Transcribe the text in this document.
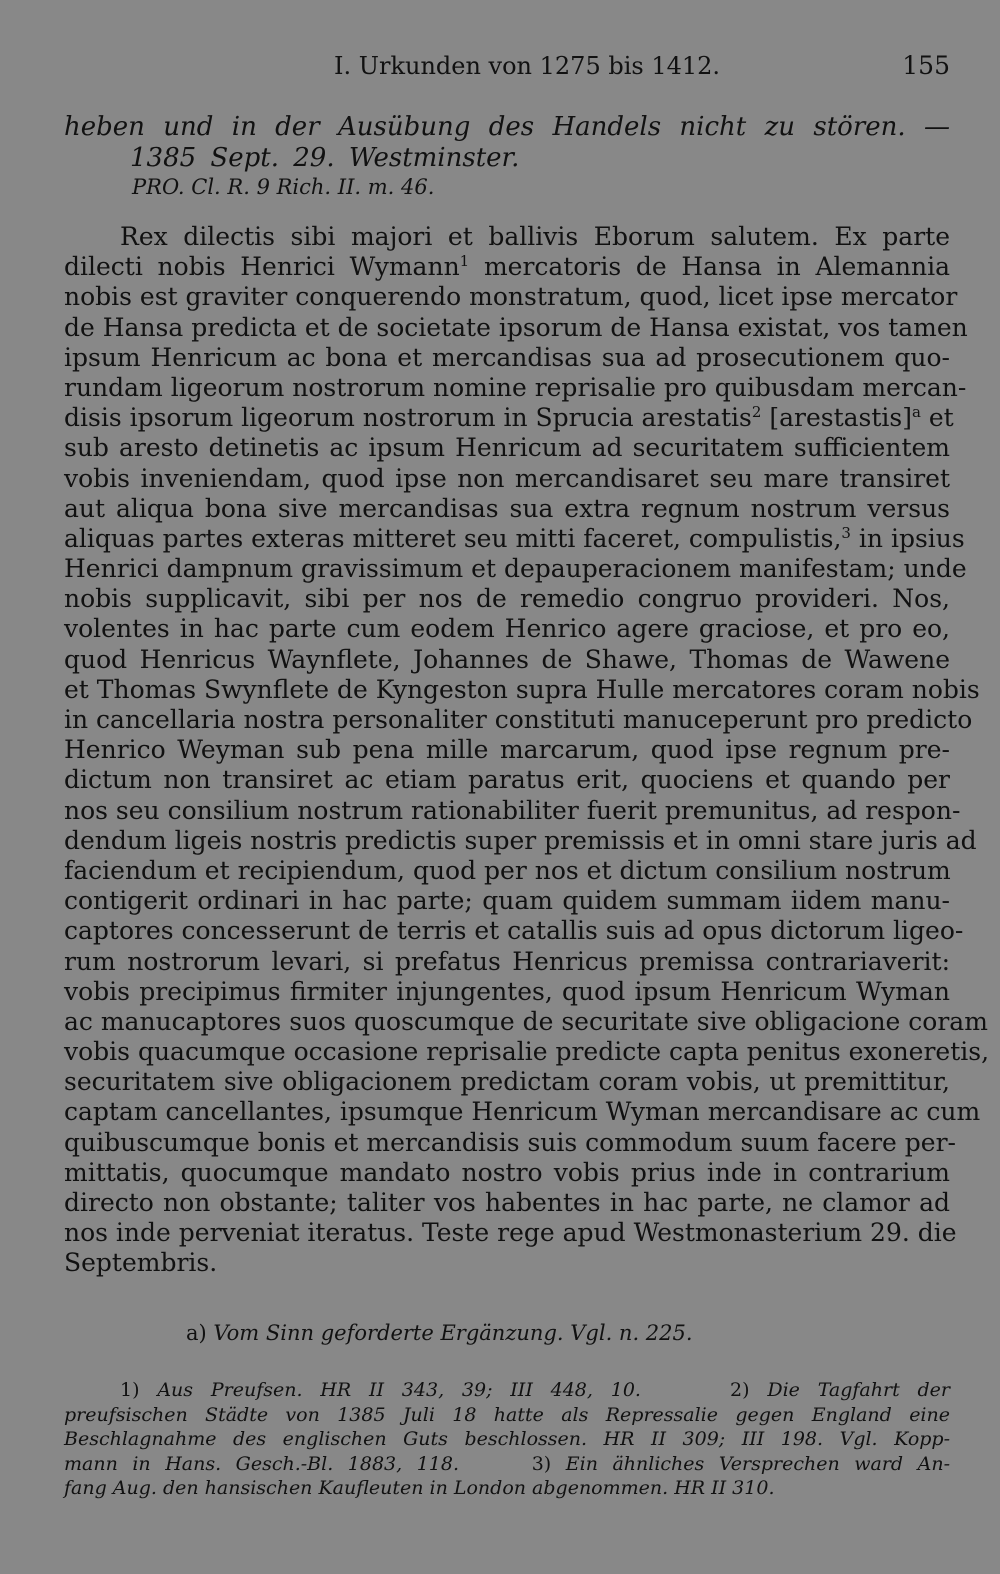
I. Urkunden von 1275 bis 1412.	155
heben und in der Ausübung des Handels nicht zu stören. —
1385 Sept. 29. Westminster.
PRO. Cl. R. 9 Rich. II. m. 46.
Rex dilectis sibi majori et ballivis Eborum salutem. Ex parte
dilecti nobis Henrici Wymann$^1$ mercatoris de Hansa in Alemannia
nobis est graviter conquerendo monstratum, quod, licet ipse mercator
de Hansa predicta et de societate ipsorum de Hansa existat, vos tamen
ipsum Henricum ac bona et mercandisas sua ad prosecutionem quo-
rundam ligeorum nostrorum nomine reprisalie pro quibusdam mercan-
disis ipsorum ligeorum nostrorum in Sprucia arestatis$^2$ [arestastis]$^a$ et
sub aresto detinetis ac ipsum Henricum ad securitatem sufficientem
vobis inveniendam, quod ipse non mercandisaret seu mare transiret
aut aliqua bona sive mercandisas sua extra regnum nostrum versus
aliquas partes exteras mitteret seu mitti faceret, compulistis,$^3$ in ipsius
Henrici dampnum gravissimum et depauperacionem manifestam; unde
nobis supplicavit, sibi per nos de remedio congruo provideri. Nos,
volentes in hac parte cum eodem Henrico agere graciose, et pro eo,
quod Henricus Waynflete, Johannes de Shawe, Thomas de Wawene
et Thomas Swynflete de Kyngeston supra Hulle mercatores coram nobis
in cancellaria nostra personaliter constituti manuceperunt pro predicto
Henrico Weyman sub pena mille marcarum, quod ipse regnum pre-
dictum non transiret ac etiam paratus erit, quociens et quando per
nos seu consilium nostrum rationabiliter fuerit premunitus, ad respon-
dendum ligeis nostris predictis super premissis et in omni stare juris ad
faciendum et recipiendum, quod per nos et dictum consilium nostrum
contigerit ordinari in hac parte; quam quidem summam iidem manu-
captores concesserunt de terris et catallis suis ad opus dictorum ligeo-
rum nostrorum levari, si prefatus Henricus premissa contrariaverit:
vobis precipimus firmiter injungentes, quod ipsum Henricum Wyman
ac manucaptores suos quoscumque de securitate sive obligacione coram
vobis quacumque occasione reprisalie predicte capta penitus exoneretis,
securitatem sive obligacionem predictam coram vobis, ut premittitur,
captam cancellantes, ipsumque Henricum Wyman mercandisare ac cum
quibuscumque bonis et mercandisis suis commodum suum facere per-
mittatis, quocumque mandato nostro vobis prius inde in contrarium
directo non obstante; taliter vos habentes in hac parte, ne clamor ad
nos inde perveniat iteratus. Teste rege apud Westmonasterium 29. die
Septembris.
a) Vom Sinn geforderte Ergänzung. Vgl. n. 225.
1) Aus Preufsen. HR II 343, 39; III 448, 10.	2) Die Tagfahrt der
preufsischen Städte von 1385 Juli 18 hatte als Repressalie gegen England eine
Beschlagnahme des englischen Guts beschlossen. HR II 309; III 198. Vgl. Kopp-
mann in Hans. Gesch.-Bl. 1883, 118.	3) Ein ähnliches Versprechen ward An-
fang Aug. den hansischen Kaufleuten in London abgenommen. HR II 310.
